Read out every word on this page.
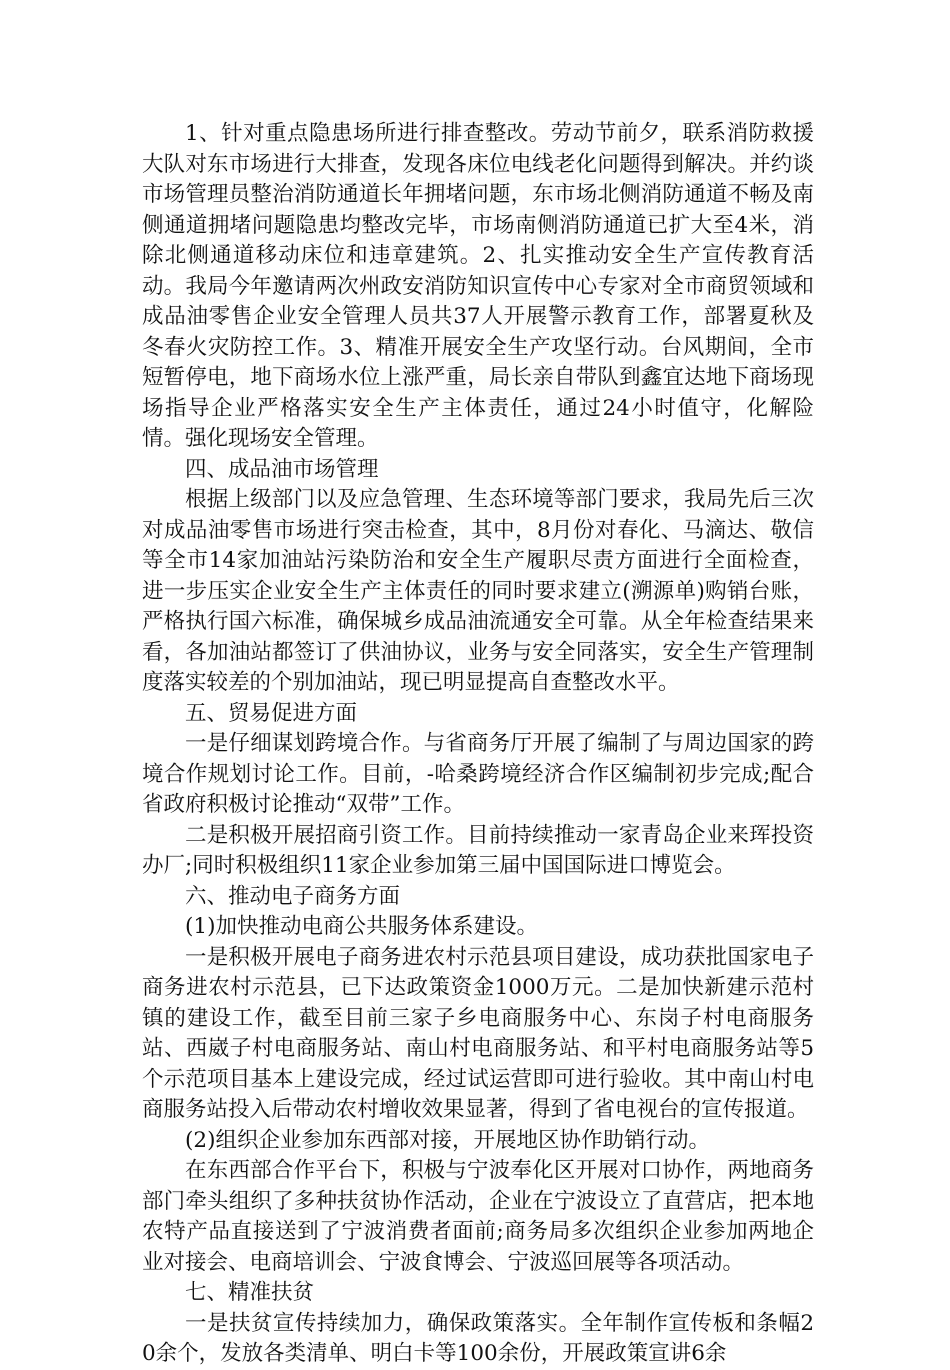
1、针对重点隐患场所进行排查整改。劳动节前夕，联系消防救援大队对东市场进行大排查，发现各床位电线老化问题得到解决。并约谈市场管理员整治消防通道长年拥堵问题，东市场北侧消防通道不畅及南侧通道拥堵问题隐患均整改完毕，市场南侧消防通道已扩大至4米，消除北侧通道移动床位和违章建筑。2、扎实推动安全生产宣传教育活动。我局今年邀请两次州政安消防知识宣传中心专家对全市商贸领域和成品油零售企业安全管理人员共37人开展警示教育工作，部署夏秋及冬春火灾防控工作。3、精准开展安全生产攻坚行动。台风期间，全市短暂停电，地下商场水位上涨严重，局长亲自带队到鑫宜达地下商场现场指导企业严格落实安全生产主体责任，通过24小时值守，化解险情。强化现场安全管理。

四、成品油市场管理

根据上级部门以及应急管理、生态环境等部门要求，我局先后三次对成品油零售市场进行突击检查，其中，8月份对春化、马滴达、敬信等全市14家加油站污染防治和安全生产履职尽责方面进行全面检查，进一步压实企业安全生产主体责任的同时要求建立(溯源单)购销台账，严格执行国六标准，确保城乡成品油流通安全可靠。从全年检查结果来看，各加油站都签订了供油协议，业务与安全同落实，安全生产管理制度落实较差的个别加油站，现已明显提高自查整改水平。

五、贸易促进方面

一是仔细谋划跨境合作。与省商务厅开展了编制了与周边国家的跨境合作规划讨论工作。目前，-哈桑跨境经济合作区编制初步完成;配合省政府积极讨论推动“双带”工作。

二是积极开展招商引资工作。目前持续推动一家青岛企业来珲投资办厂;同时积极组织11家企业参加第三届中国国际进口博览会。

六、推动电子商务方面

(1)加快推动电商公共服务体系建设。

一是积极开展电子商务进农村示范县项目建设，成功获批国家电子商务进农村示范县，已下达政策资金1000万元。二是加快新建示范村镇的建设工作，截至目前三家子乡电商服务中心、东岗子村电商服务站、西崴子村电商服务站、南山村电商服务站、和平村电商服务站等5个示范项目基本上建设完成，经过试运营即可进行验收。其中南山村电商服务站投入后带动农村增收效果显著，得到了省电视台的宣传报道。

(2)组织企业参加东西部对接，开展地区协作助销行动。

在东西部合作平台下，积极与宁波奉化区开展对口协作，两地商务部门牵头组织了多种扶贫协作活动，企业在宁波设立了直营店，把本地农特产品直接送到了宁波消费者面前;商务局多次组织企业参加两地企业对接会、电商培训会、宁波食博会、宁波巡回展等各项活动。

七、精准扶贫

一是扶贫宣传持续加力，确保政策落实。全年制作宣传板和条幅20余个，发放各类清单、明白卡等100余份，开展政策宣讲6余
